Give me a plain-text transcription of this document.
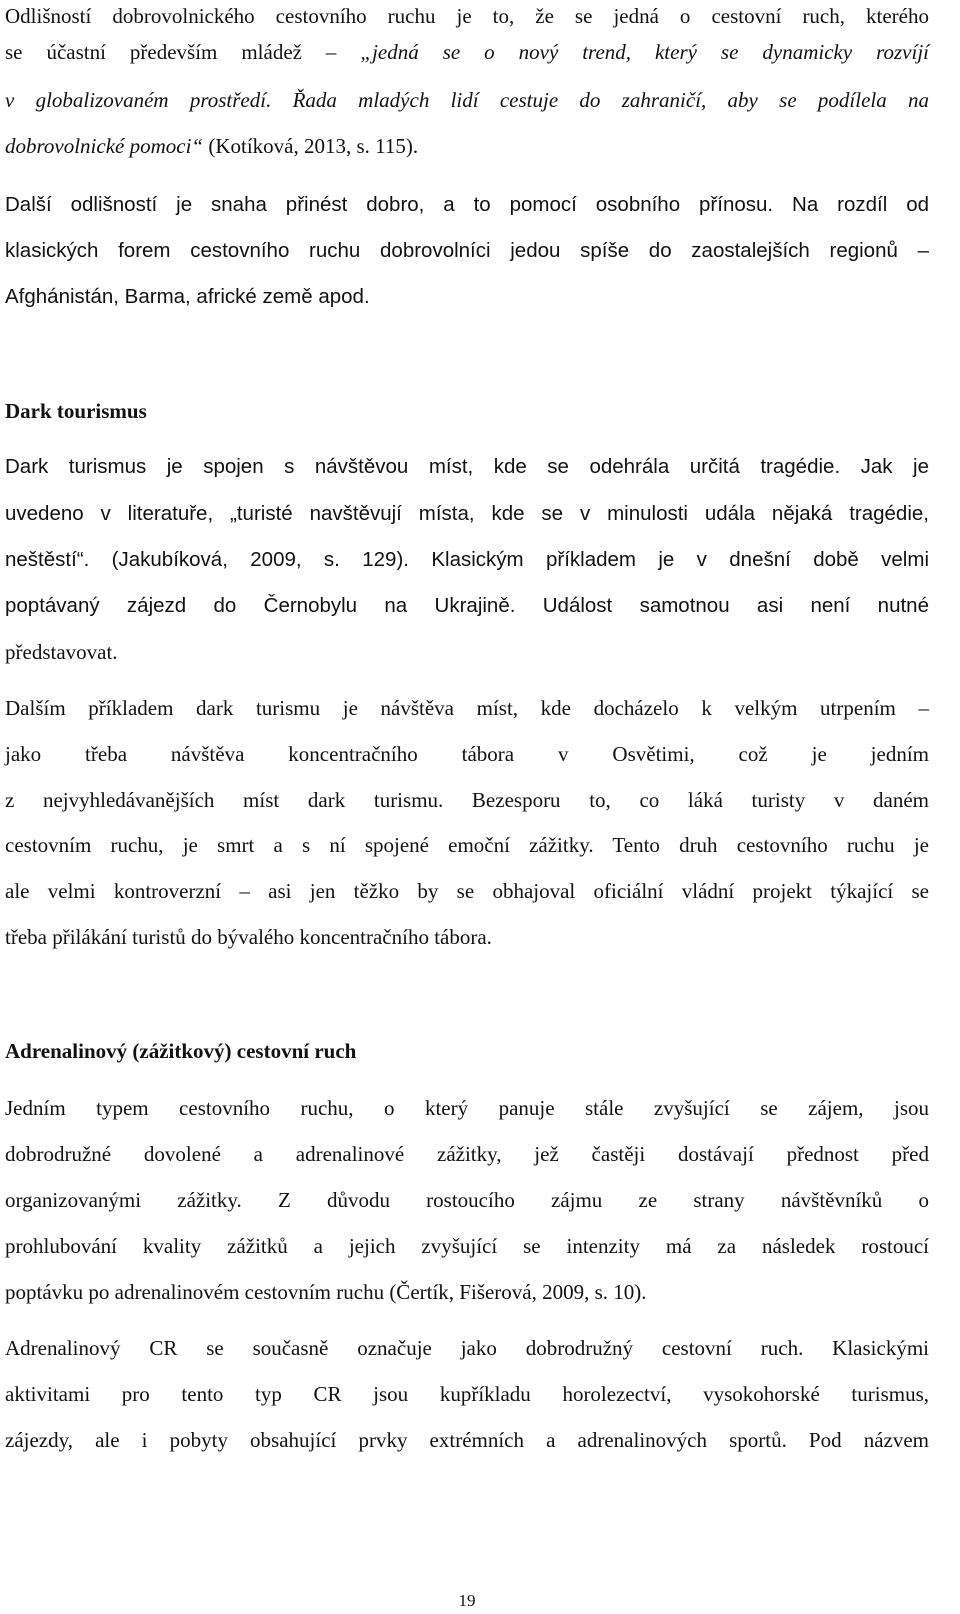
Odlišností dobrovolnického cestovního ruchu je to, že se jedná o cestovní ruch, kterého
se účastní především mládež – „jedná se o nový trend, který se dynamicky rozvíjí
v globalizovaném prostředí. Řada mladých lidí cestuje do zahraničí, aby se podílela na
dobrovolnické pomoci“ (Kotíková, 2013, s. 115).
Další odlišností je snaha přinést dobro, a to pomocí osobního přínosu. Na rozdíl od
klasických forem cestovního ruchu dobrovolníci jedou spíše do zaostalejších regionů –
Afghánistán, Barma, africké země apod.
Dark tourismus
Dark turismus je spojen s návštěvou míst, kde se odehrála určitá tragédie. Jak je
uvedeno v literatuře, „turisté navštěvují místa, kde se v minulosti udála nějaká tragédie,
neštěstí“. (Jakubíková, 2009, s. 129). Klasickým příkladem je v dnešní době velmi
poptávaný zájezd do Černobylu na Ukrajině. Událost samotnou asi není nutné
představovat.
Dalším příkladem dark turismu je návštěva míst, kde docházelo k velkým utrpením –
jako třeba návštěva koncentračního tábora v Osvětimi, což je jedním
z nejvyhledávanějších míst dark turismu. Bezesporu to, co láká turisty v daném
cestovním ruchu, je smrt a s ní spojené emoční zážitky. Tento druh cestovního ruchu je
ale velmi kontroverzní – asi jen těžko by se obhajoval oficiální vládní projekt týkající se
třeba přilákání turistů do bývalého koncentračního tábora.
Adrenalinový (zážitkový) cestovní ruch
Jedním typem cestovního ruchu, o který panuje stále zvyšující se zájem, jsou
dobrodružné dovolené a adrenalinové zážitky, jež častěji dostávají přednost před
organizovanými zážitky. Z důvodu rostoucího zájmu ze strany návštěvníků o
prohlubování kvality zážitků a jejich zvyšující se intenzity má za následek rostoucí
poptávku po adrenalinovém cestovním ruchu (Čertík, Fišerová, 2009, s. 10).
Adrenalinový CR se současně označuje jako dobrodružný cestovní ruch. Klasickými
aktivitami pro tento typ CR jsou kupříkladu horolezectví, vysokohorské turismus,
zájezdy, ale i pobyty obsahující prvky extrémních a adrenalinových sportů. Pod názvem
19
